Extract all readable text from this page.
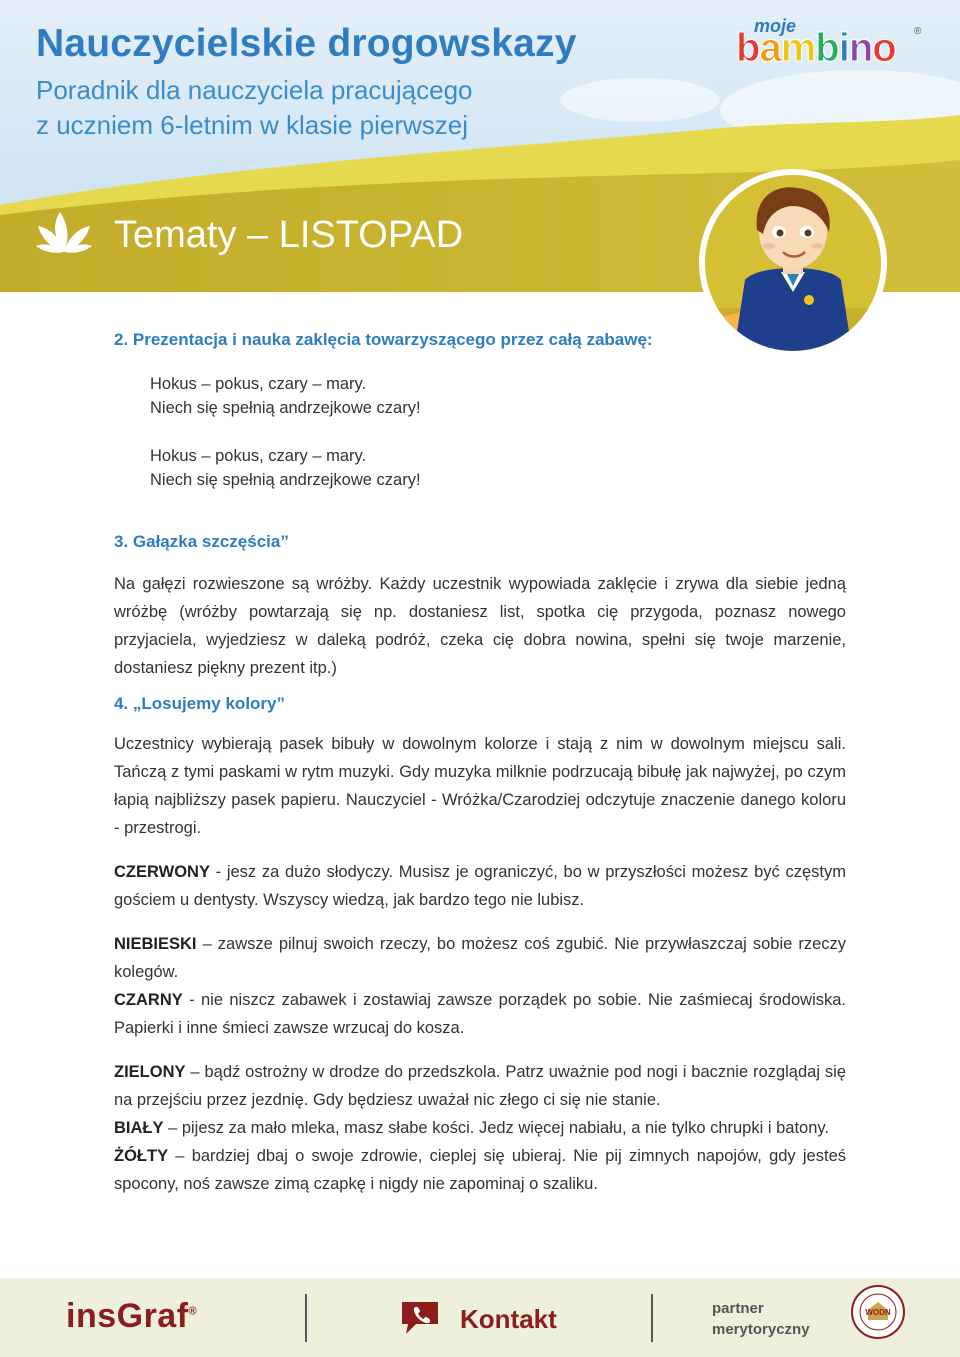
Nauczycielskie drogowskazy
Poradnik dla nauczyciela pracującego
z uczniem 6-letnim w klasie pierwszej
Tematy – LISTOPAD
moje
bambino ®
2. Prezentacja i nauka zaklęcia towarzyszącego przez całą zabawę:
Hokus – pokus, czary – mary.
Niech się spełnią andrzejkowe czary!
Hokus – pokus, czary – mary.
Niech się spełnią andrzejkowe czary!
3. Gałązka szczęścia”
Na gałęzi rozwieszone są wróżby. Każdy uczestnik wypowiada zaklęcie i zrywa dla siebie jedną wróżbę (wróżby powtarzają się np. dostaniesz list, spotka cię przygoda, poznasz nowego przyjaciela, wyjedziesz w daleką podróż, czeka cię dobra nowina, spełni się twoje marzenie, dostaniesz piękny prezent itp.)
4. „Losujemy kolory”
Uczestnicy wybierają pasek bibuły w dowolnym kolorze i stają z nim w dowolnym miejscu sali. Tańczą z tymi paskami w rytm muzyki. Gdy muzyka milknie podrzucają bibułę jak najwyżej, po czym łapią najbliższy pasek papieru. Nauczyciel - Wróżka/Czarodziej odczytuje znaczenie danego koloru - przestrogi.
CZERWONY - jesz za dużo słodyczy. Musisz je ograniczyć, bo w przyszłości możesz być częstym gościem u dentysty. Wszyscy wiedzą, jak bardzo tego nie lubisz.
NIEBIESKI – zawsze pilnuj swoich rzeczy, bo możesz coś zgubić. Nie przywłaszczaj sobie rzeczy kolegów.
CZARNY - nie niszcz zabawek i zostawiaj zawsze porządek po sobie. Nie zaśmiecaj środowiska. Papierki i inne śmieci zawsze wrzucaj do kosza.
ZIELONY – bądź ostrożny w drodze do przedszkola. Patrz uważnie pod nogi i bacznie rozglądaj się na przejściu przez jezdnię. Gdy będziesz uważał nic złego ci się nie stanie.
BIAŁY – pijesz za mało mleka, masz słabe kości. Jedz więcej nabiału, a nie tylko chrupki i batony.
ŻÓŁTY – bardziej dbaj o swoje zdrowie, cieplej się ubieraj. Nie pij zimnych napojów, gdy jesteś spocony, noś zawsze zimą czapkę i nigdy nie zapominaj o szaliku.
insGraf®	Kontakt	partner
merytoryczny
WODN
